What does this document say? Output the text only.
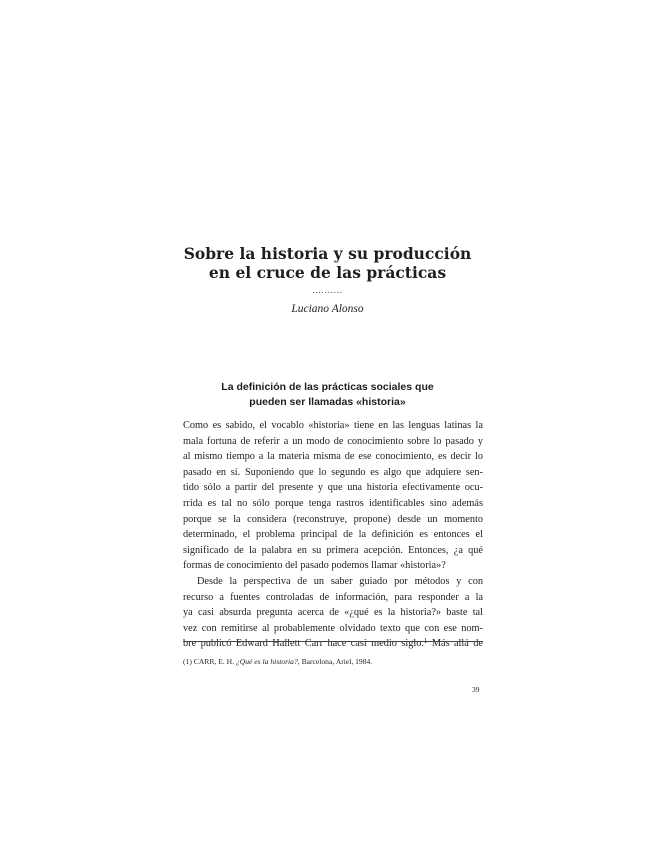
Sobre la historia y su producción
en el cruce de las prácticas
..........
Luciano Alonso
La definición de las prácticas sociales que
pueden ser llamadas «historia»
Como es sabido, el vocablo «historia» tiene en las lenguas latinas la
mala fortuna de referir a un modo de conocimiento sobre lo pasado y
al mismo tiempo a la materia misma de ese conocimiento, es decir lo
pasado en sí. Suponiendo que lo segundo es algo que adquiere sen-
tido sólo a partir del presente y que una historia efectivamente ocu-
rrida es tal no sólo porque tenga rastros identificables sino además
porque se la considera (reconstruye, propone) desde un momento
determinado, el problema principal de la definición es entonces el
significado de la palabra en su primera acepción. Entonces, ¿a qué
formas de conocimiento del pasado podemos llamar «historia»?
Desde la perspectiva de un saber guiado por métodos y con
recurso a fuentes controladas de información, para responder a la
ya casi absurda pregunta acerca de «¿qué es la historia?» baste tal
vez con remitirse al probablemente olvidado texto que con ese nom-
bre publicó Edward Hallett Carr hace casi medio siglo.$^1$ Más allá de
(1) CARR, E. H. ¿Qué es la historia?, Barcelona, Ariel, 1984.
39
